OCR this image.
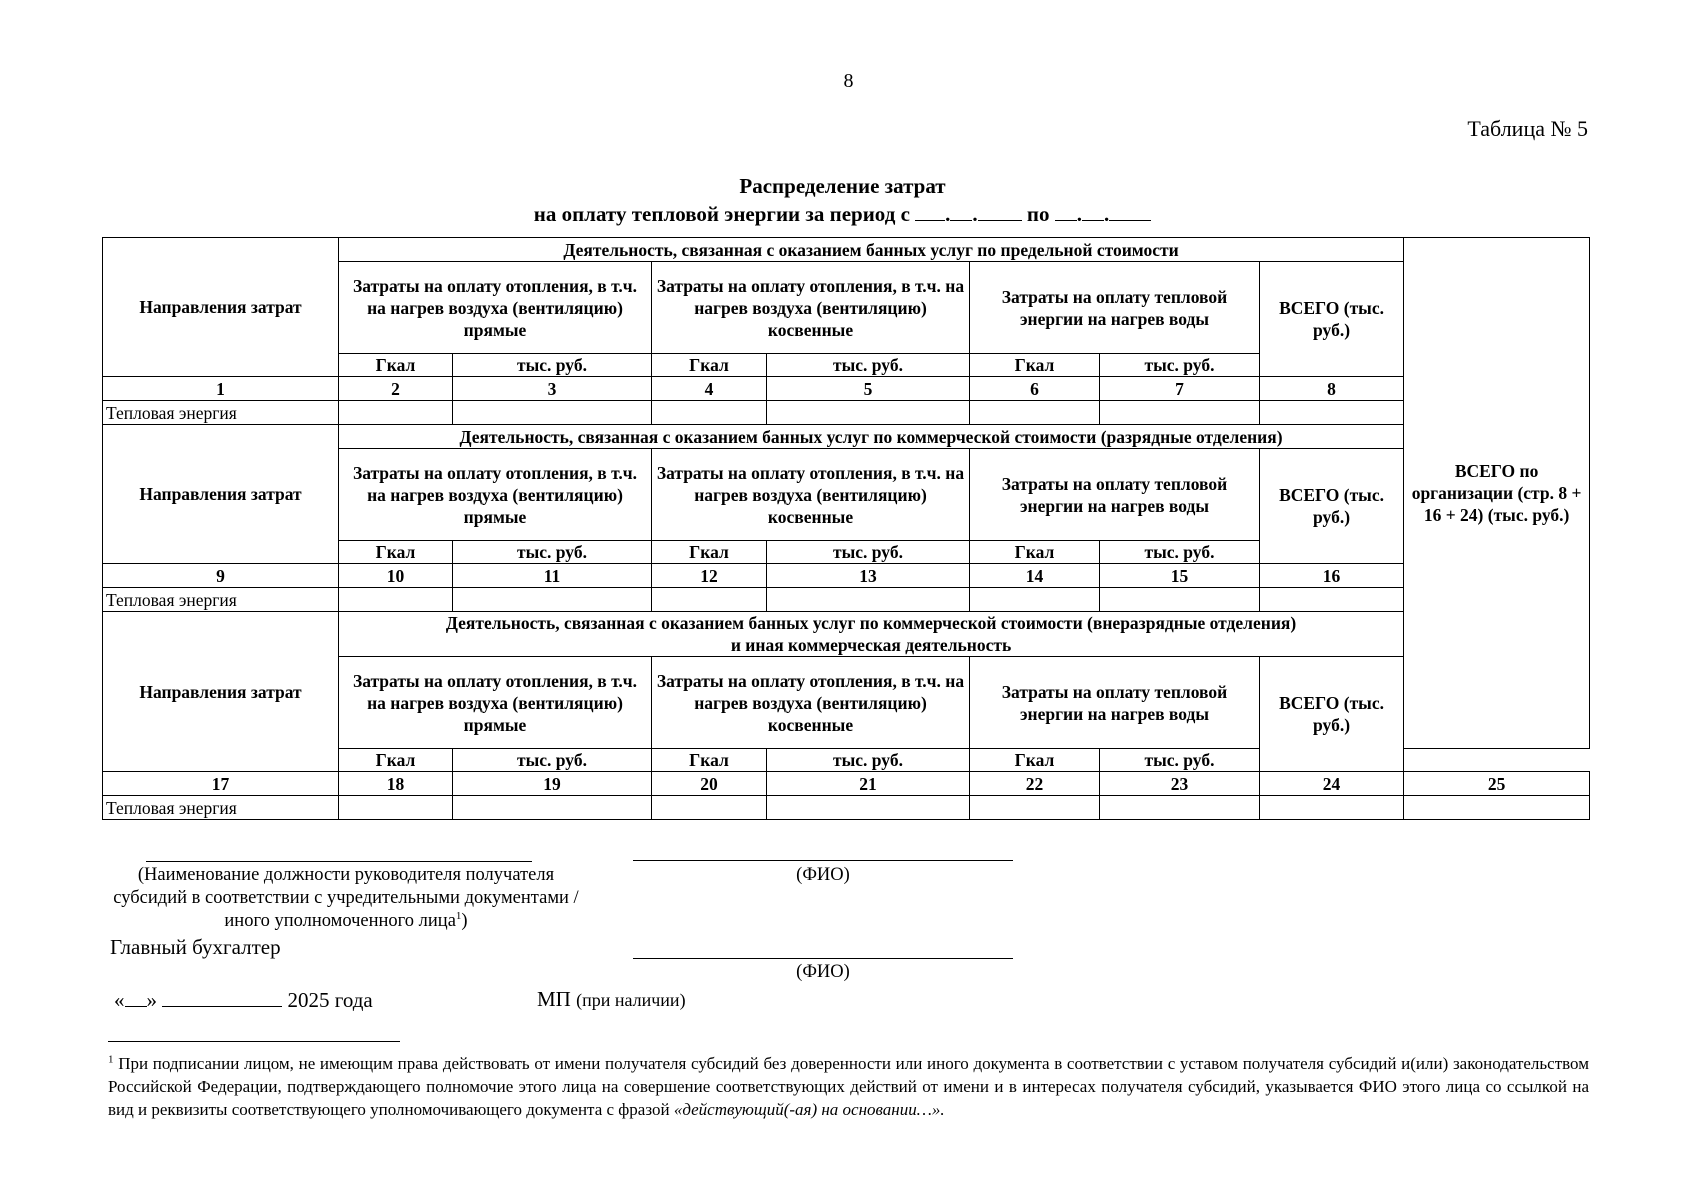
8
Таблица № 5
Распределение затрат
на оплату тепловой энергии за период с . . по . .
Направления затрат	Деятельность, связанная с оказанием банных услуг по предельной стоимости							ВСЕГО по организации (стр. 8 + 16 + 24) (тыс. руб.)
	Затраты на оплату отопления, в т.ч. на нагрев воздуха (вентиляцию) прямые		Затраты на оплату отопления, в т.ч. на нагрев воздуха (вентиляцию) косвенные		Затраты на оплату тепловой энергии на нагрев воды		ВСЕГО (тыс. руб.)	
	Гкал	тыс. руб.	Гкал	тыс. руб.	Гкал	тыс. руб.		
1	2	3	4	5	6	7	8	
Тепловая энергия								
Направления затрат	Деятельность, связанная с оказанием банных услуг по коммерческой стоимости (разрядные отделения)							
	Затраты на оплату отопления, в т.ч. на нагрев воздуха (вентиляцию) прямые		Затраты на оплату отопления, в т.ч. на нагрев воздуха (вентиляцию) косвенные		Затраты на оплату тепловой энергии на нагрев воды		ВСЕГО (тыс. руб.)	
	Гкал	тыс. руб.	Гкал	тыс. руб.	Гкал	тыс. руб.		
9	10	11	12	13	14	15	16	
Тепловая энергия								
Направления затрат	Деятельность, связанная с оказанием банных услуг по коммерческой стоимости (внеразрядные отделения)
и иная коммерческая деятельность							

	Затраты на оплату отопления, в т.ч. на нагрев воздуха (вентиляцию) прямые		Затраты на оплату отопления, в т.ч. на нагрев воздуха (вентиляцию) косвенные		Затраты на оплату тепловой энергии на нагрев воды		ВСЕГО (тыс. руб.)	
	Гкал	тыс. руб.	Гкал	тыс. руб.	Гкал	тыс. руб.		
17	18	19	20	21	22	23	24	25
Тепловая энергия								
(Наименование должности руководителя получателя субсидий в соответствии с учредительными документами / иного уполномоченного лица$^1$)
(ФИО)
Главный бухгалтер
(ФИО)
« »	2025 года	МП (при наличии)
$^1$ При подписании лицом, не имеющим права действовать от имени получателя субсидий без доверенности или иного документа в соответствии с уставом получателя субсидий и(или) законодательством Российской Федерации, подтверждающего полномочие этого лица на совершение соответствующих действий от имени и в интересах получателя субсидий, указывается ФИО этого лица со ссылкой на вид и реквизиты соответствующего уполномочивающего документа с фразой «действующий(-ая) на основании…».
